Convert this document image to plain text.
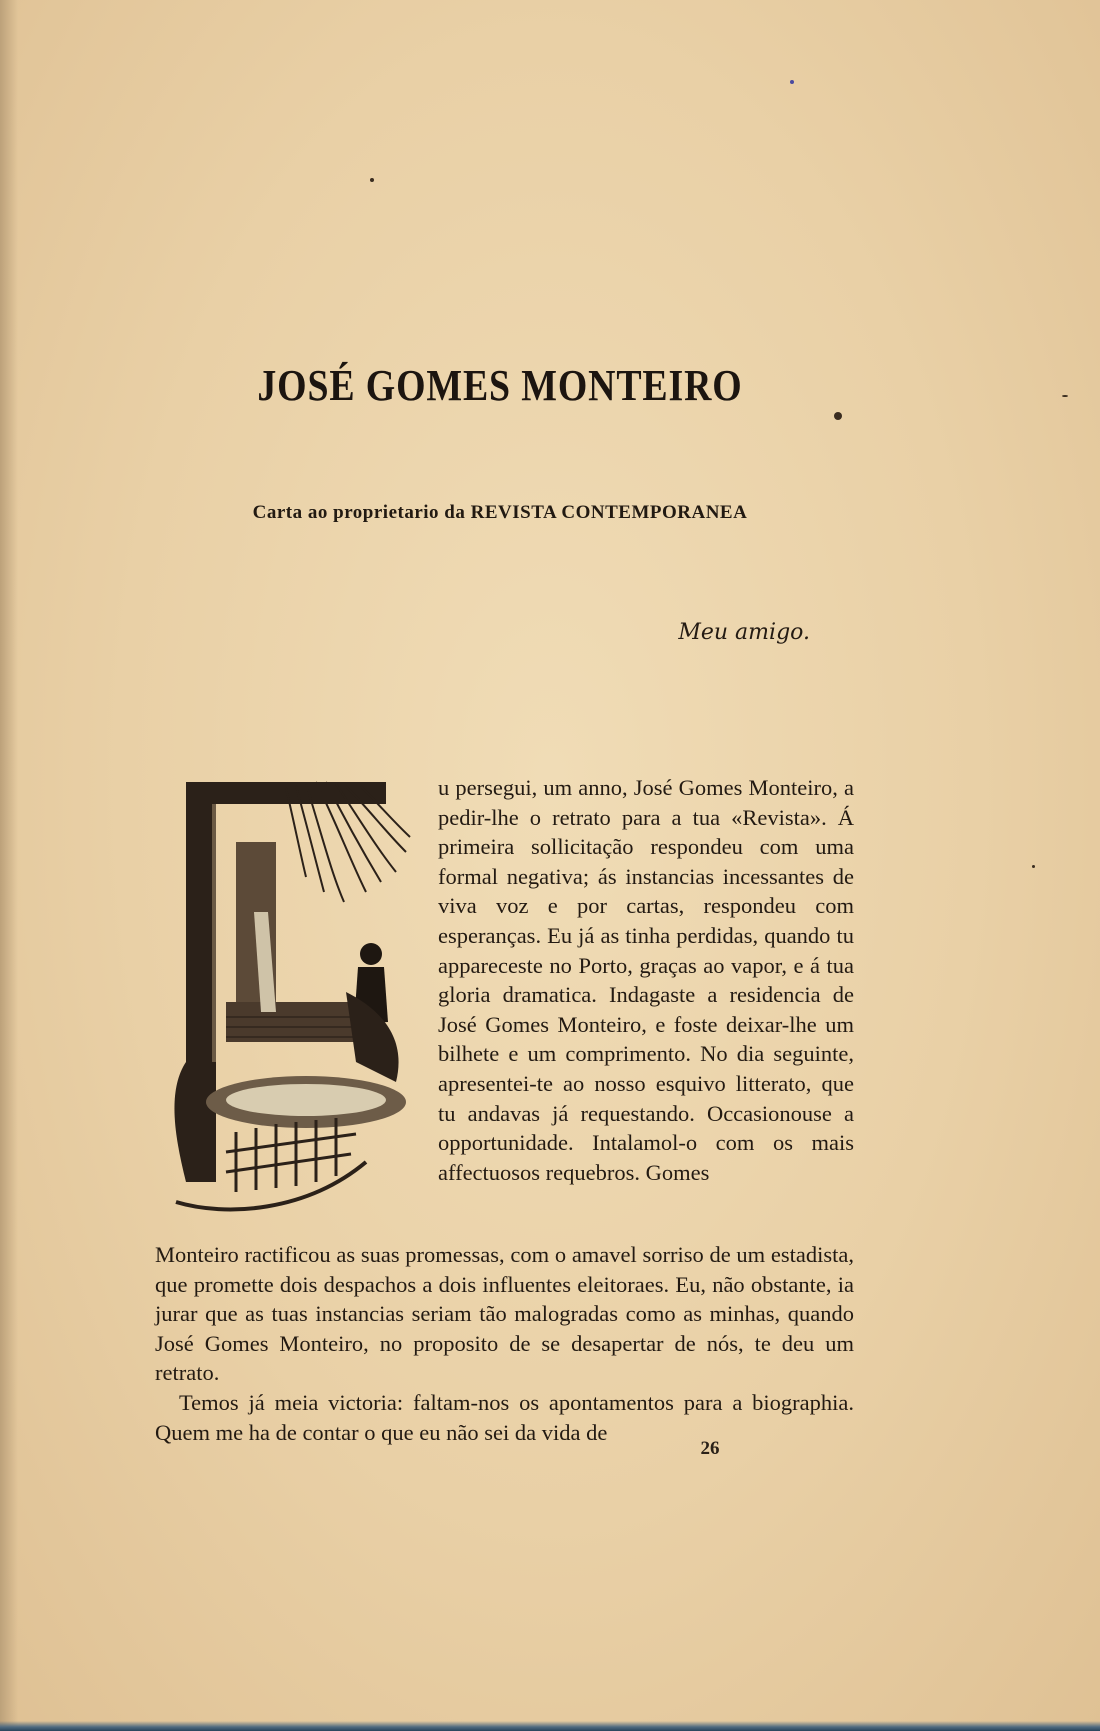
JOSÉ GOMES MONTEIRO
Carta ao proprietario da REVISTA CONTEMPORANEA
Meu amigo.
u persegui, um anno, José Gomes Monteiro, a pedir-lhe o retrato para a tua «Revista». Á primeira sollicitação respondeu com uma formal negativa; ás instancias incessantes de viva voz e por cartas, respondeu com esperanças. Eu já as tinha perdidas, quando tu appareceste no Porto, graças ao vapor, e á tua gloria dramatica. Indagaste a residencia de José Gomes Monteiro, e foste deixar-lhe um bilhete e um comprimento. No dia seguinte, apresentei-te ao nosso esquivo litterato, que tu andavas já requestando. Occasionouse a opportunidade. Intalamol-o com os mais affectuosos requebros. Gomes
Monteiro ractificou as suas promessas, com o amavel sorriso de um estadista, que promette dois despachos a dois influentes eleitoraes. Eu, não obstante, ia jurar que as tuas instancias seriam tão malogradas como as minhas, quando José Gomes Monteiro, no proposito de se desapertar de nós, te deu um retrato.
Temos já meia victoria: faltam-nos os apontamentos para a biographia. Quem me ha de contar o que eu não sei da vida de
26
